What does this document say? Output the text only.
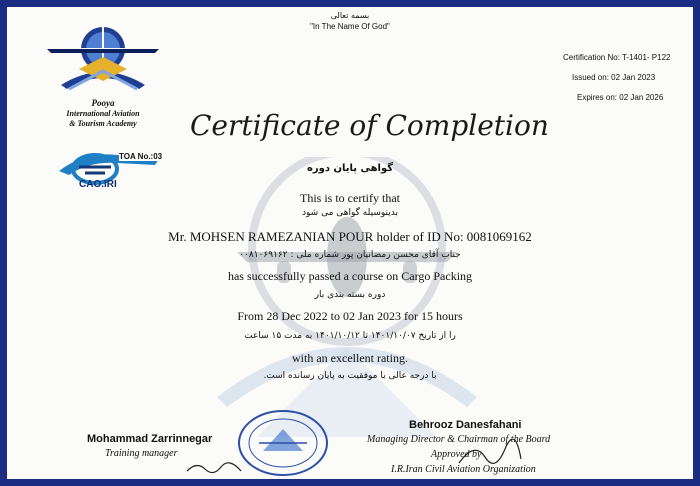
بسمه تعالی
"In The Name Of God"
Pooya
International Aviation
& Tourism Academy
TOA No.:03
CAO.IRI
Certification No: T-1401- P122
Issued on: 02 Jan 2023
Expires on: 02 Jan 2026
Certificate of Completion
گواهی پایان دوره
This is to certify that
بدینوسیله گواهی می شود
Mr. MOHSEN RAMEZANIAN POUR holder of ID No: 0081069162
جناب آقای محسن رمضانیان پور شماره ملی : ۰۰۸۱۰۶۹۱۶۲
has successfully passed a course on Cargo Packing
دوره بسته بندی بار
From 28 Dec 2022 to 02 Jan 2023 for 15 hours
را از تاریخ ۱۴۰۱/۱۰/۰۷ تا ۱۴۰۱/۱۰/۱۲ به مدت ۱۵ ساعت
with an excellent rating.
با درجه عالی با موفقیت به پایان رسانده است.
Mohammad Zarrinnegar
Training manager
Behrooz Danesfahani
Managing Director & Chairman of the Board
Approved by
I.R.Iran Civil Aviation Organization
